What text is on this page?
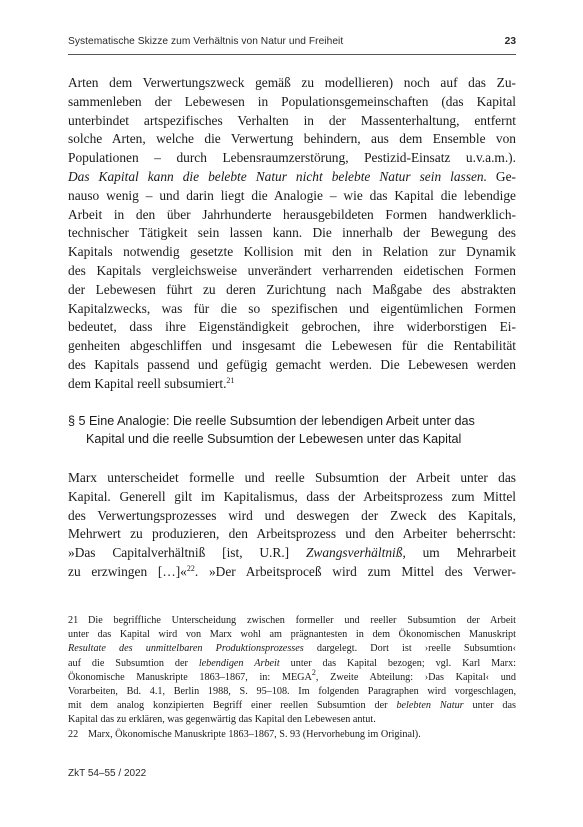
Systematische Skizze zum Verhältnis von Natur und Freiheit	23
Arten dem Verwertungszweck gemäß zu modellieren) noch auf das Zu-
sammenleben der Lebewesen in Populationsgemeinschaften (das Kapital
unterbindet artspezifisches Verhalten in der Massenterhaltung, entfernt
solche Arten, welche die Verwertung behindern, aus dem Ensemble von
Populationen – durch Lebensraumzerstörung, Pestizid-Einsatz u.v.a.m.).
Das Kapital kann die belebte Natur nicht belebte Natur sein lassen. Ge-
nauso wenig – und darin liegt die Analogie – wie das Kapital die lebendige
Arbeit in den über Jahrhunderte herausgebildeten Formen handwerklich-
technischer Tätigkeit sein lassen kann. Die innerhalb der Bewegung des
Kapitals notwendig gesetzte Kollision mit den in Relation zur Dynamik
des Kapitals vergleichsweise unverändert verharrenden eidetischen Formen
der Lebewesen führt zu deren Zurichtung nach Maßgabe des abstrakten
Kapitalzwecks, was für die so spezifischen und eigentümlichen Formen
bedeutet, dass ihre Eigenständigkeit gebrochen, ihre widerborstigen Ei-
genheiten abgeschliffen und insgesamt die Lebewesen für die Rentabilität
des Kapitals passend und gefügig gemacht werden. Die Lebewesen werden
dem Kapital reell subsumiert.$^{21}$
§ 5 Eine Analogie: Die reelle Subsumtion der lebendigen Arbeit unter das
Kapital und die reelle Subsumtion der Lebewesen unter das Kapital
Marx unterscheidet formelle und reelle Subsumtion der Arbeit unter das
Kapital. Generell gilt im Kapitalismus, dass der Arbeitsprozess zum Mittel
des Verwertungsprozesses wird und deswegen der Zweck des Kapitals,
Mehrwert zu produzieren, den Arbeitsprozess und den Arbeiter beherrscht:
»Das Capitalverhältniß [ist, U.R.] Zwangsverhältniß, um Mehrarbeit
zu erzwingen […]«$^{22}$. »Der Arbeitsproceß wird zum Mittel des Verwer-
21 Die begriffliche Unterscheidung zwischen formeller und reeller Subsumtion der Arbeit
unter das Kapital wird von Marx wohl am prägnantesten in dem Ökonomischen Manuskript
Resultate des unmittelbaren Produktionsprozesses dargelegt. Dort ist ›reelle Subsumtion‹
auf die Subsumtion der lebendigen Arbeit unter das Kapital bezogen; vgl. Karl Marx:
Ökonomische Manuskripte 1863–1867, in: MEGA$^2$, Zweite Abteilung: ›Das Kapital‹ und
Vorarbeiten, Bd. 4.1, Berlin 1988, S. 95–108. Im folgenden Paragraphen wird vorgeschlagen,
mit dem analog konzipierten Begriff einer reellen Subsumtion der belebten Natur unter das
Kapital das zu erklären, was gegenwärtig das Kapital den Lebewesen antut.
22 Marx, Ökonomische Manuskripte 1863–1867, S. 93 (Hervorhebung im Original).
ZkT 54–55 / 2022
